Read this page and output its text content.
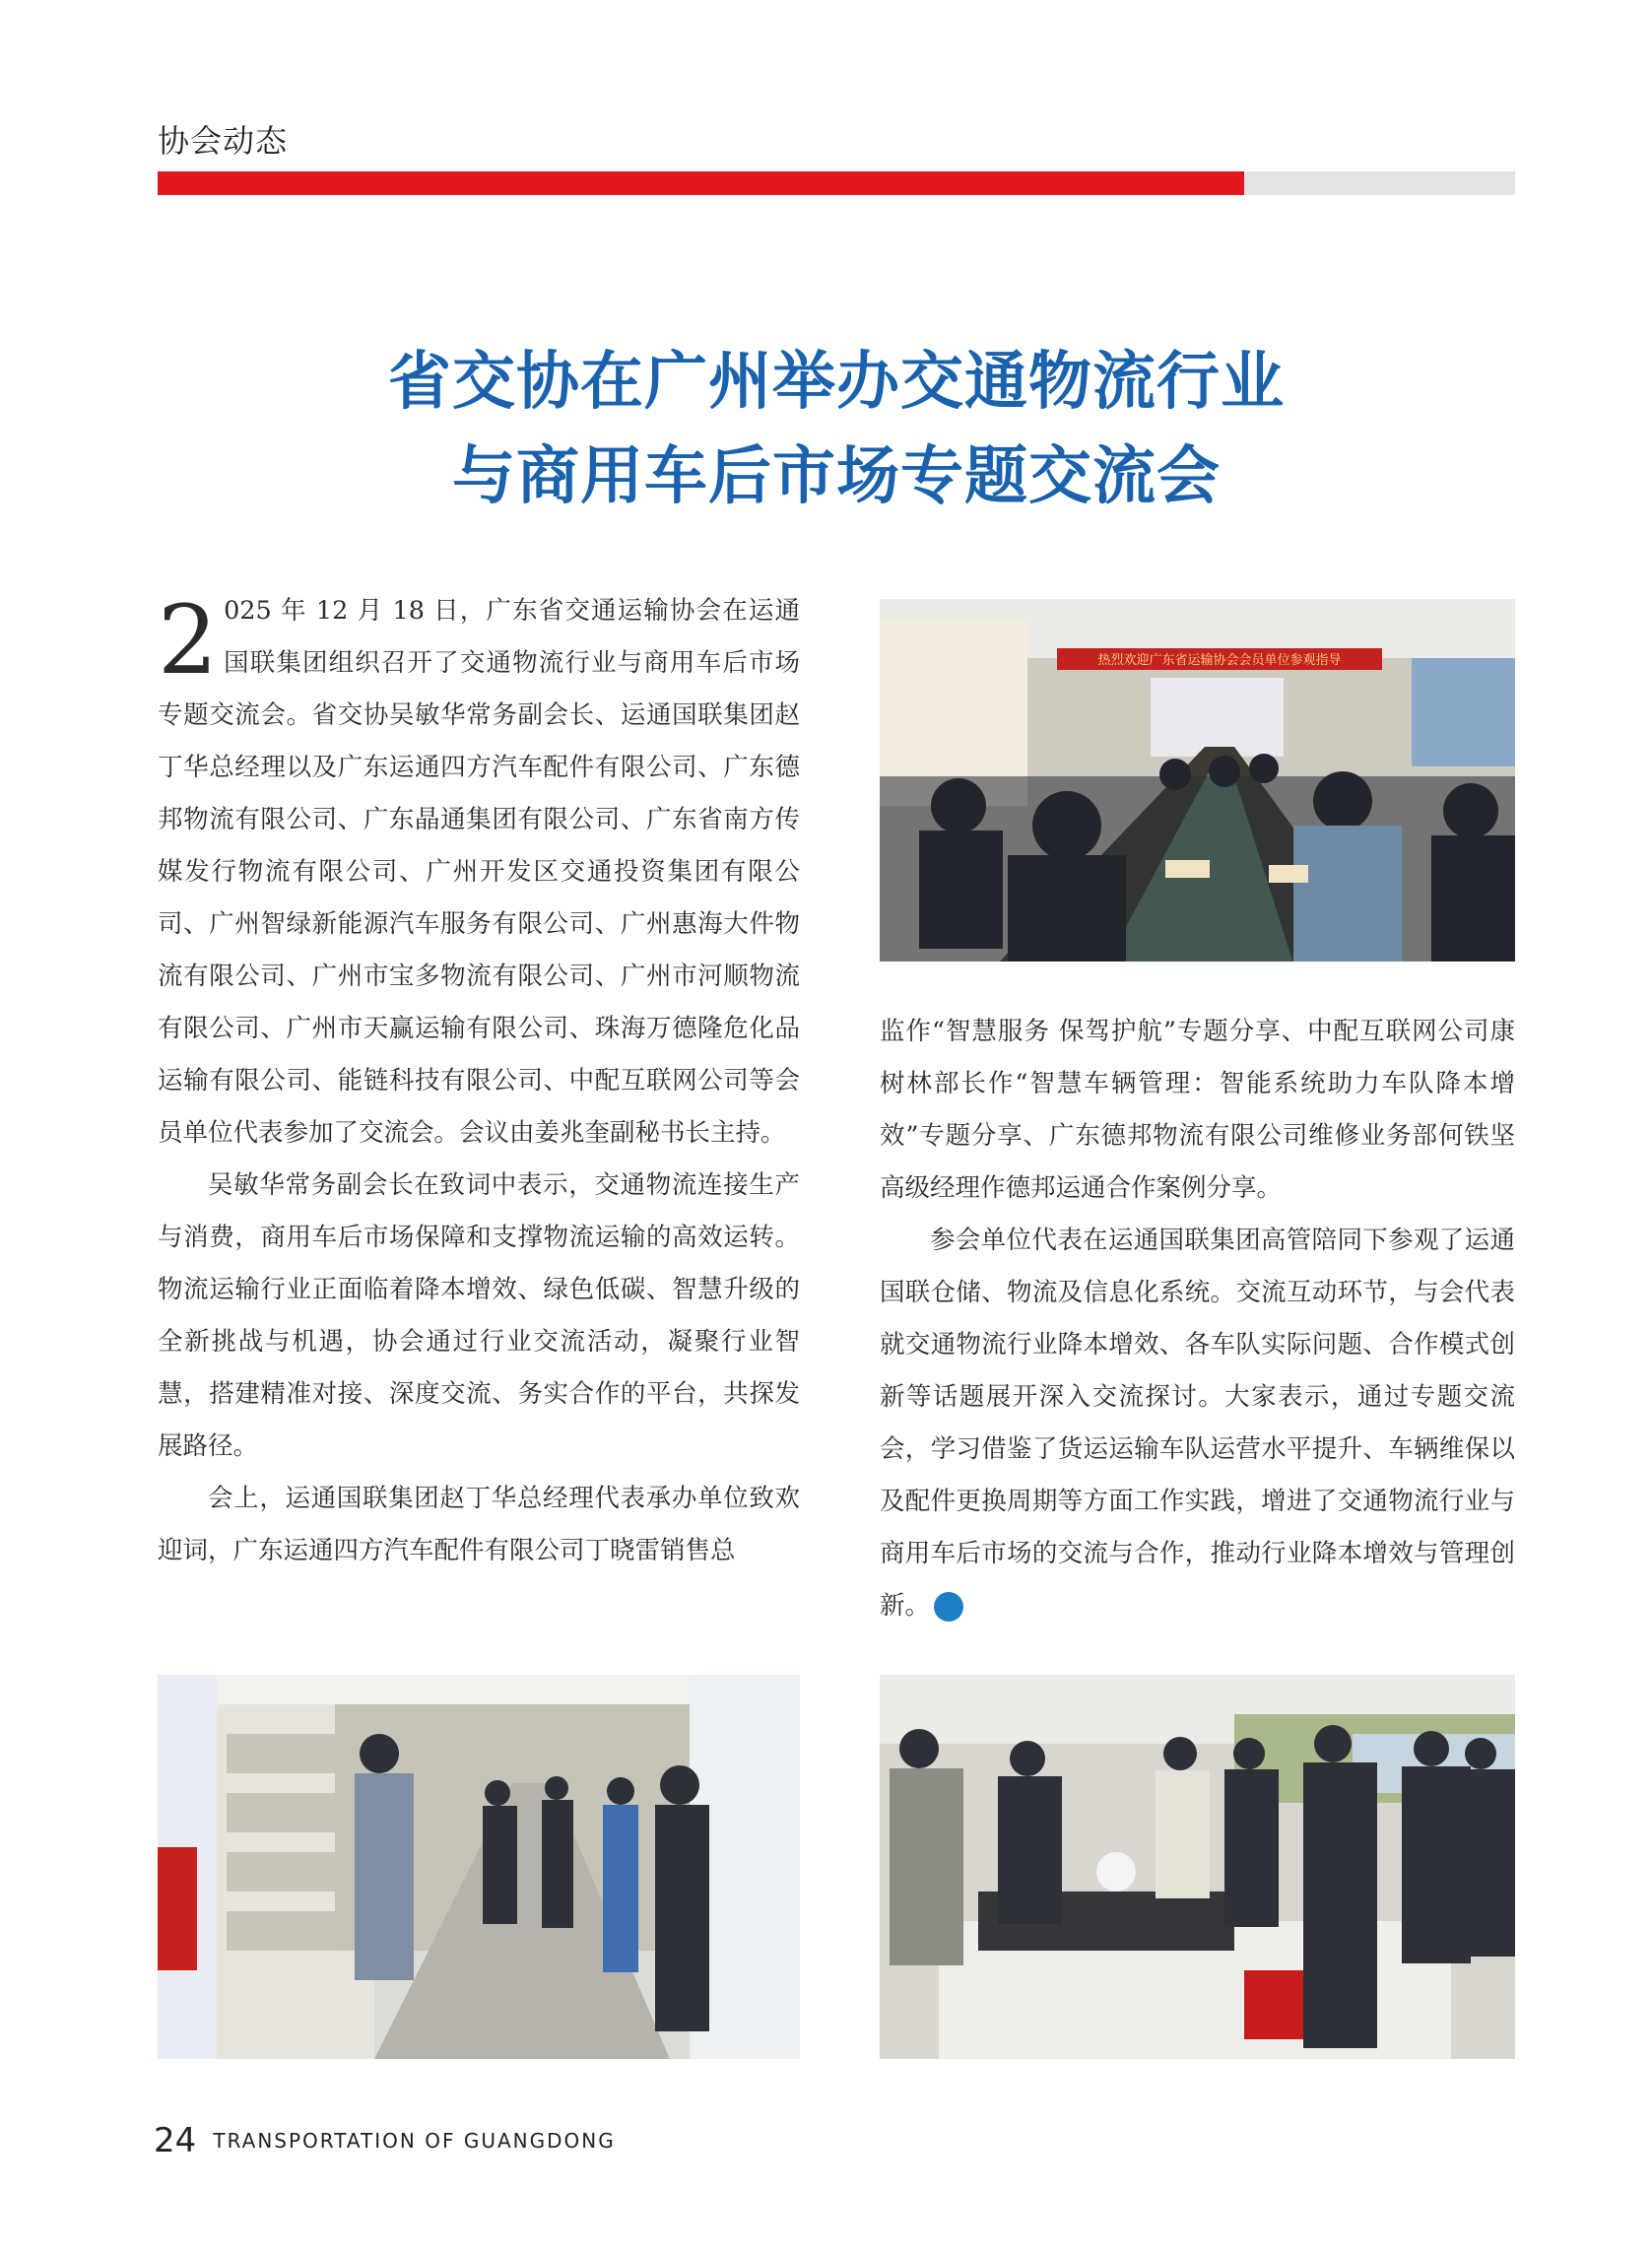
协会动态
省交协在广州举办交通物流行业
与商用车后市场专题交流会

2 025 年 12 月 18 日，广东省交通运输协会在运通国联集团组织召开了交通物流行业与商用车后市场专题交流会。省交协吴敏华常务副会长、运通国联集团赵丁华总经理以及广东运通四方汽车配件有限公司、广东德邦物流有限公司、广东晶通集团有限公司、广东省南方传媒发行物流有限公司、广州开发区交通投资集团有限公司、广州智绿新能源汽车服务有限公司、广州惠海大件物流有限公司、广州市宝多物流有限公司、广州市河顺物流有限公司、广州市天赢运输有限公司、珠海万德隆危化品运输有限公司、能链科技有限公司、中配互联网公司等会员单位代表参加了交流会。会议由姜兆奎副秘书长主持。

吴敏华常务副会长在致词中表示，交通物流连接生产与消费，商用车后市场保障和支撑物流运输的高效运转。物流运输行业正面临着降本增效、绿色低碳、智慧升级的全新挑战与机遇，协会通过行业交流活动，凝聚行业智慧，搭建精准对接、深度交流、务实合作的平台，共探发展路径。

会上，运通国联集团赵丁华总经理代表承办单位致欢迎词，广东运通四方汽车配件有限公司丁晓雷销售总

监作“智慧服务 保驾护航”专题分享、中配互联网公司康树林部长作“智慧车辆管理：智能系统助力车队降本增效”专题分享、广东德邦物流有限公司维修业务部何铁坚高级经理作德邦运通合作案例分享。

参会单位代表在运通国联集团高管陪同下参观了运通国联仓储、物流及信息化系统。交流互动环节，与会代表就交通物流行业降本增效、各车队实际问题、合作模式创新等话题展开深入交流探讨。大家表示，通过专题交流会，学习借鉴了货运运输车队运营水平提升、车辆维保以及配件更换周期等方面工作实践，增进了交通物流行业与商用车后市场的交流与合作，推动行业降本增效与管理创新。	CTA

热烈欢迎广东省运输协会会员单位参观指导
24 TRANSPORTATION OF GUANGDONG
